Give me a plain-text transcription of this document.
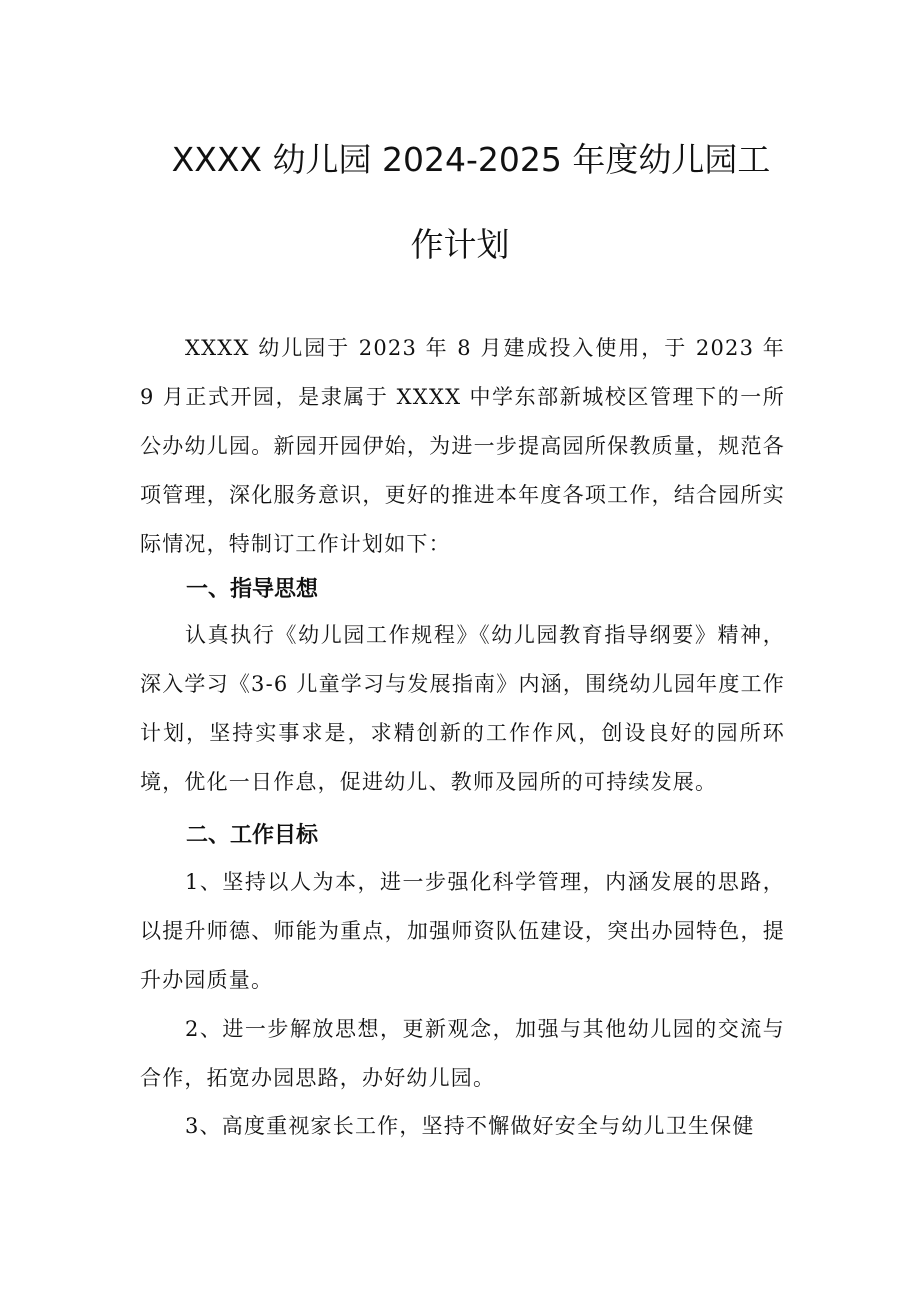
XXXX 幼儿园 2024-2025 年度幼儿园工
作计划

XXXX 幼儿园于 2023 年 8 月建成投入使用，于 2023 年 9 月正式开园，是隶属于 XXXX 中学东部新城校区管理下的一所公办幼儿园。新园开园伊始，为进一步提高园所保教质量，规范各项管理，深化服务意识，更好的推进本年度各项工作，结合园所实际情况，特制订工作计划如下：

一、指导思想

认真执行《幼儿园工作规程》《幼儿园教育指导纲要》精神，深入学习《3-6 儿童学习与发展指南》内涵，围绕幼儿园年度工作计划，坚持实事求是，求精创新的工作作风，创设良好的园所环境，优化一日作息，促进幼儿、教师及园所的可持续发展。

二、工作目标

1、坚持以人为本，进一步强化科学管理，内涵发展的思路，以提升师德、师能为重点，加强师资队伍建设，突出办园特色，提升办园质量。

2、进一步解放思想，更新观念，加强与其他幼儿园的交流与合作，拓宽办园思路，办好幼儿园。

3、高度重视家长工作，坚持不懈做好安全与幼儿卫生保健
